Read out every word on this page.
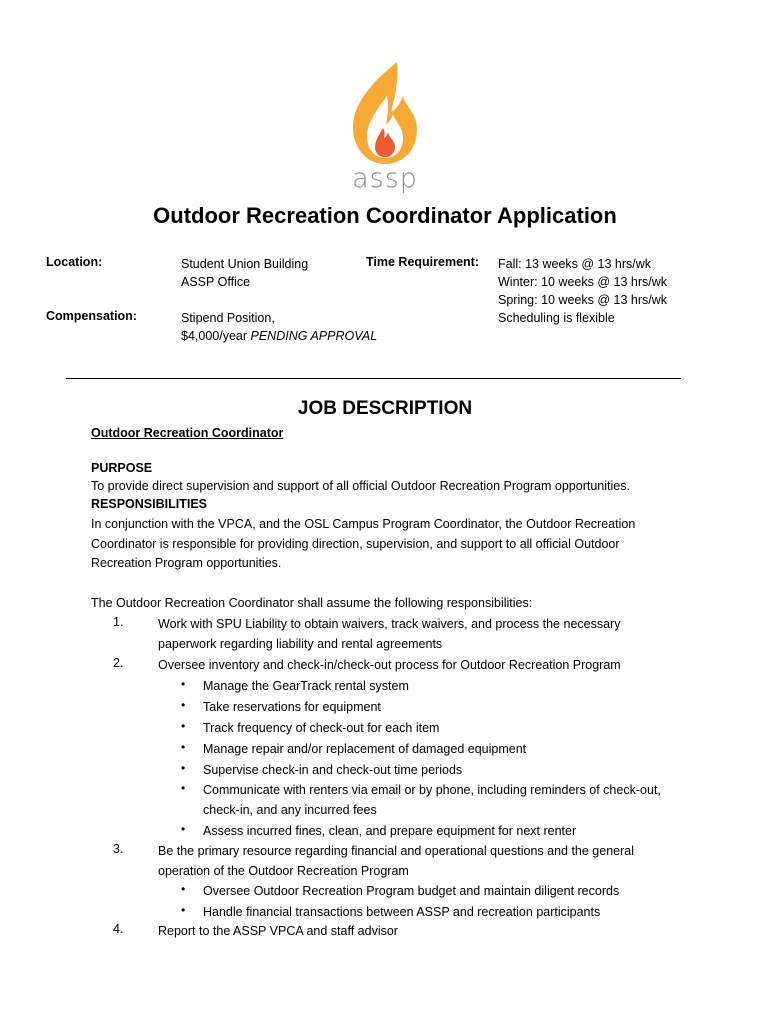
assp
Outdoor Recreation Coordinator Application
Location:	Student Union Building
ASSP Office
Compensation:	Stipend Position,
$4,000/year PENDING APPROVAL
Time Requirement: Fall: 13 weeks @ 13 hrs/wk
Winter: 10 weeks @ 13 hrs/wk
Spring: 10 weeks @ 13 hrs/wk
Scheduling is flexible
JOB DESCRIPTION
Outdoor Recreation Coordinator
PURPOSE
To provide direct supervision and support of all official Outdoor Recreation Program opportunities.
RESPONSIBILITIES
In conjunction with the VPCA, and the OSL Campus Program Coordinator, the Outdoor Recreation
Coordinator is responsible for providing direction, supervision, and support to all official Outdoor
Recreation Program opportunities.
The Outdoor Recreation Coordinator shall assume the following responsibilities:
1.	Work with SPU Liability to obtain waivers, track waivers, and process the necessary
paperwork regarding liability and rental agreements
2.	Oversee inventory and check-in/check-out process for Outdoor Recreation Program
• Manage the GearTrack rental system
• Take reservations for equipment
• Track frequency of check-out for each item
• Manage repair and/or replacement of damaged equipment
• Supervise check-in and check-out time periods
• Communicate with renters via email or by phone, including reminders of check-out,
check-in, and any incurred fees
• Assess incurred fines, clean, and prepare equipment for next renter
3.	Be the primary resource regarding financial and operational questions and the general
operation of the Outdoor Recreation Program
• Oversee Outdoor Recreation Program budget and maintain diligent records
• Handle financial transactions between ASSP and recreation participants
4.	Report to the ASSP VPCA and staff advisor
